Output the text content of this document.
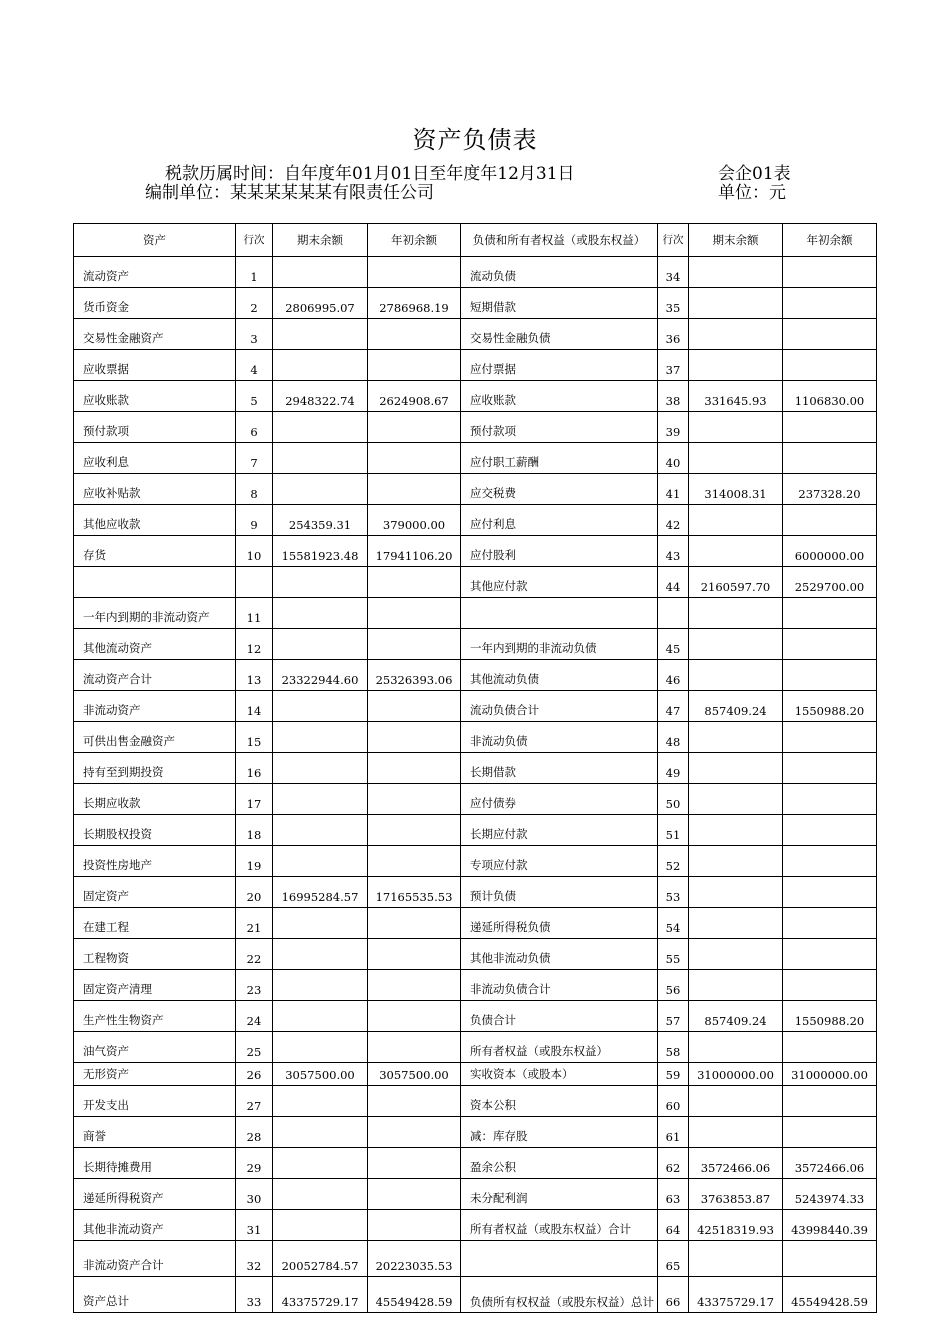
资产负债表
税款历属时间：自年度年01月01日至年度年12月31日
编制单位：某某某某某某有限责任公司
会企01表
单位：元
资产	行次	期末余额	年初余额	负债和所有者权益（或股东权益）	行次	期末余额	年初余额
流动资产	1			流动负债	34		
货币资金	2	2806995.07	2786968.19	短期借款	35		
交易性金融资产	3			交易性金融负债	36		
应收票据	4			应付票据	37		
应收账款	5	2948322.74	2624908.67	应收账款	38	331645.93	1106830.00
预付款项	6			预付款项	39		
应收利息	7			应付职工薪酬	40		
应收补贴款	8			应交税费	41	314008.31	237328.20
其他应收款	9	254359.31	379000.00	应付利息	42		
存货	10	15581923.48	17941106.20	应付股利	43		6000000.00
				其他应付款	44	2160597.70	2529700.00
一年内到期的非流动资产	11						
其他流动资产	12			一年内到期的非流动负债	45		
流动资产合计	13	23322944.60	25326393.06	其他流动负债	46		
非流动资产	14			流动负债合计	47	857409.24	1550988.20
可供出售金融资产	15			非流动负债	48		
持有至到期投资	16			长期借款	49		
长期应收款	17			应付债券	50		
长期股权投资	18			长期应付款	51		
投资性房地产	19			专项应付款	52		
固定资产	20	16995284.57	17165535.53	预计负债	53		
在建工程	21			递延所得税负债	54		
工程物资	22			其他非流动负债	55		
固定资产清理	23			非流动负债合计	56		
生产性生物资产	24			负债合计	57	857409.24	1550988.20
油气资产	25			所有者权益（或股东权益）	58		
无形资产	26	3057500.00	3057500.00	实收资本（或股本）	59	31000000.00	31000000.00
开发支出	27			资本公积	60		
商誉	28			减：库存股	61		
长期待摊费用	29			盈余公积	62	3572466.06	3572466.06
递延所得税资产	30			未分配利润	63	3763853.87	5243974.33
其他非流动资产	31			所有者权益（或股东权益）合计	64	42518319.93	43998440.39
非流动资产合计	32	20052784.57	20223035.53		65		
资产总计	33	43375729.17	45549428.59	负债所有权权益（或股东权益）总计	66	43375729.17	45549428.59
